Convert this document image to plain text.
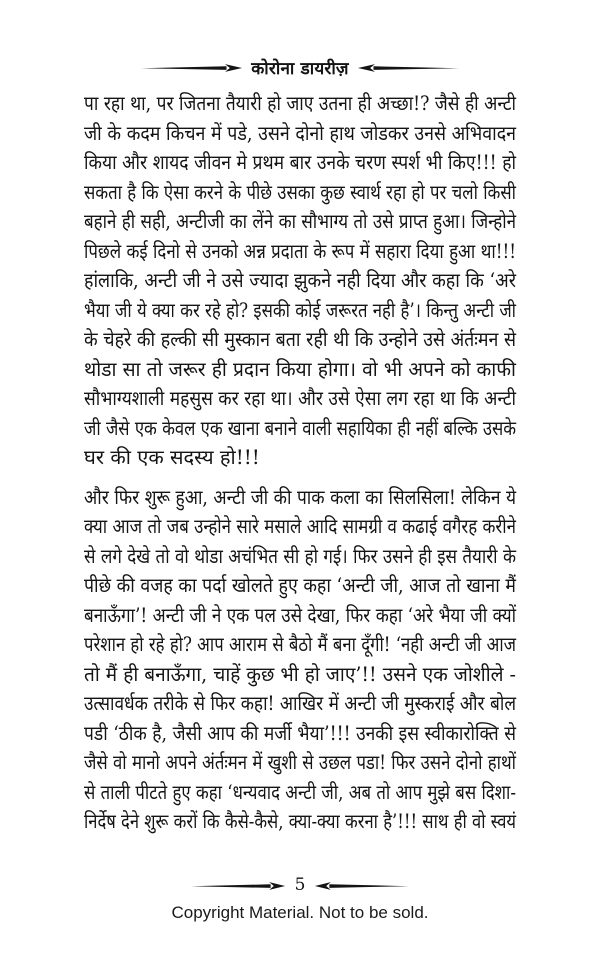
कोरोना डायरीज़
पा रहा था, पर जितना तैयारी हो जाए उतना ही अच्छा!? जैसे ही अन्टी
जी के कदम किचन में पडे, उसने दोनो हाथ जोडकर उनसे अभिवादन
किया और शायद जीवन मे प्रथम बार उनके चरण स्पर्श भी किए!!! हो
सकता है कि ऐसा करने के पीछे उसका कुछ स्वार्थ रहा हो पर चलो किसी
बहाने ही सही, अन्टीजी का लेंने का सौभाग्य तो उसे प्राप्त हुआ। जिन्होने
पिछले कई दिनो से उनको अन्न प्रदाता के रूप में सहारा दिया हुआ था!!!
हांलाकि, अन्टी जी ने उसे ज्यादा झुकने नही दिया और कहा कि ‘अरे
भैया जी ये क्या कर रहे हो? इसकी कोई जरूरत नही है’। किन्तु अन्टी जी
के चेहरे की हल्की सी मुस्कान बता रही थी कि उन्होने उसे अंर्तःमन से
थोडा सा तो जरूर ही प्रदान किया होगा। वो भी अपने को काफी
सौभाग्यशाली महसुस कर रहा था। और उसे ऐसा लग रहा था कि अन्टी
जी जैसे एक केवल एक खाना बनाने वाली सहायिका ही नहीं बल्कि उसके
घर की एक सदस्य हो!!!
और फिर शुरू हुआ, अन्टी जी की पाक कला का सिलसिला! लेकिन ये
क्या आज तो जब उन्होने सारे मसाले आदि सामग्री व कढाई वगैरह करीने
से लगे देखे तो वो थोडा अचंभित सी हो गई। फिर उसने ही इस तैयारी के
पीछे की वजह का पर्दा खोलते हुए कहा ‘अन्टी जी, आज तो खाना मैं
बनाऊँगा’! अन्टी जी ने एक पल उसे देखा, फिर कहा ‘अरे भैया जी क्यों
परेशान हो रहे हो? आप आराम से बैठो मैं बना दूँगी! ‘नही अन्टी जी आज
तो मैं ही बनाऊँगा, चाहें कुछ भी हो जाए’!! उसने एक जोशीले -
उत्सावर्धक तरीके से फिर कहा! आखिर में अन्टी जी मुस्कराई और बोल
पडी ‘ठीक है, जैसी आप की मर्जी भैया’!!! उनकी इस स्वीकारोक्ति से
जैसे वो मानो अपने अंर्तःमन में खुशी से उछल पडा! फिर उसने दोनो हाथों
से ताली पीटते हुए कहा ‘धन्यवाद अन्टी जी, अब तो आप मुझे बस दिशा-
निर्देष देने शुरू करों कि कैसे-कैसे, क्या-क्या करना है’!!! साथ ही वो स्वयं
5
Copyright Material. Not to be sold.
